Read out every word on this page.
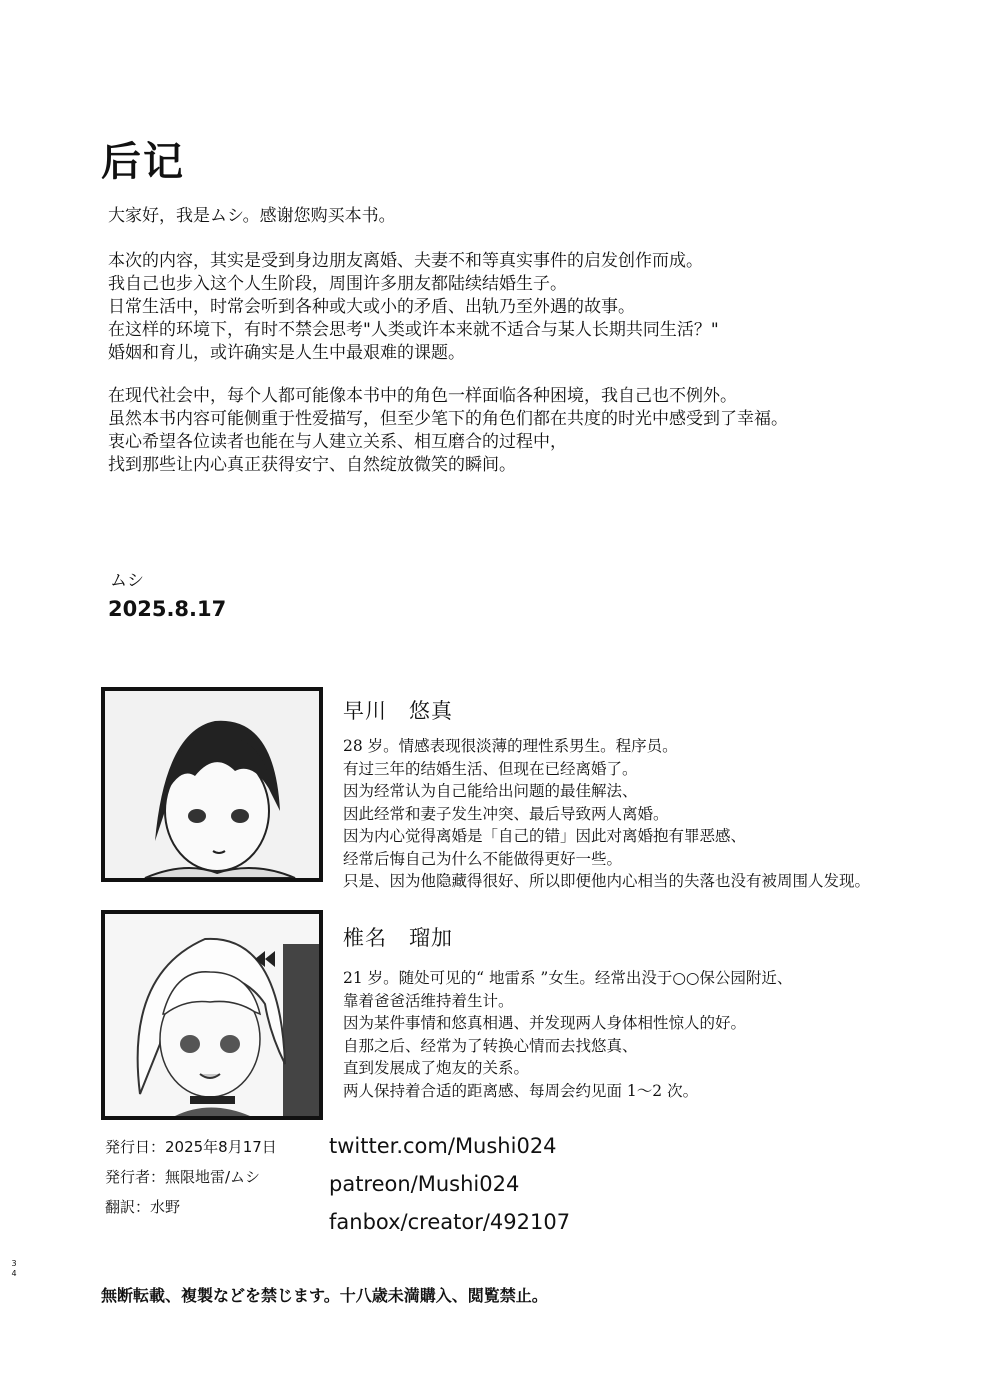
后记
大家好，我是ムシ。感谢您购买本书。
本次的内容，其实是受到身边朋友离婚、夫妻不和等真实事件的启发创作而成。
我自己也步入这个人生阶段，周围许多朋友都陆续结婚生子。
日常生活中，时常会听到各种或大或小的矛盾、出轨乃至外遇的故事。
在这样的环境下，有时不禁会思考"人类或许本来就不适合与某人长期共同生活？"
婚姻和育儿，或许确实是人生中最艰难的课题。
在现代社会中，每个人都可能像本书中的角色一样面临各种困境，我自己也不例外。
虽然本书内容可能侧重于性爱描写，但至少笔下的角色们都在共度的时光中感受到了幸福。
衷心希望各位读者也能在与人建立关系、相互磨合的过程中，
找到那些让内心真正获得安宁、自然绽放微笑的瞬间。
ムシ
2025.8.17
早川　悠真
28 岁。情感表现很淡薄的理性系男生。程序员。
有过三年的结婚生活、但现在已经离婚了。
因为经常认为自己能给出问题的最佳解法、
因此经常和妻子发生冲突、最后导致两人离婚。
因为内心觉得离婚是「自己的错」因此对离婚抱有罪恶感、
经常后悔自己为什么不能做得更好一些。
只是、因为他隐藏得很好、所以即便他内心相当的失落也没有被周围人发现。
椎名　瑠加
21 岁。随处可见的“ 地雷系 ”女生。经常出没于○○保公园附近、
靠着爸爸活维持着生计。
因为某件事情和悠真相遇、并发现两人身体相性惊人的好。
自那之后、经常为了转换心情而去找悠真、
直到发展成了炮友的关系。
两人保持着合适的距离感、每周会约见面 1〜2 次。
発行日：2025年8月17日
発行者：無限地雷/ムシ
翻訳：水野
twitter.com/Mushi024
patreon/Mushi024
fanbox/creator/492107
3
4
無断転載、複製などを禁じます。十八歳未満購入、閲覧禁止。
